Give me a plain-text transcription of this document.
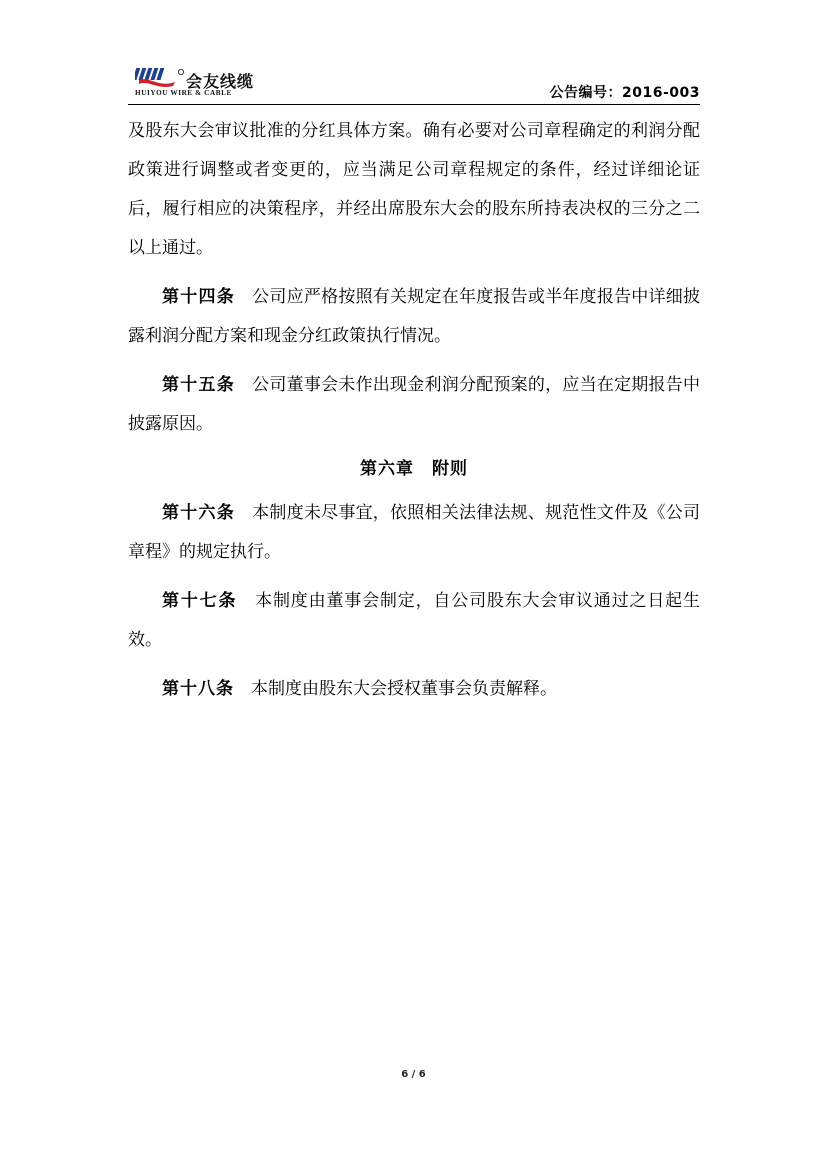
会友线缆
HUIYOU WIRE & CABLE	公告编号：2016-003

及股东大会审议批准的分红具体方案。确有必要对公司章程确定的利润分配政策进行调整或者变更的，应当满足公司章程规定的条件，经过详细论证后，履行相应的决策程序，并经出席股东大会的股东所持表决权的三分之二以上通过。

第十四条　 公司应严格按照有关规定在年度报告或半年度报告中详细披露利润分配方案和现金分红政策执行情况。

第十五条　 公司董事会未作出现金利润分配预案的，应当在定期报告中披露原因。

第六章　附则

第十六条　 本制度未尽事宜，依照相关法律法规、规范性文件及《公司章程》的规定执行。

第十七条　 本制度由董事会制定，自公司股东大会审议通过之日起生效。

第十八条　 本制度由股东大会授权董事会负责解释。

6 / 6
